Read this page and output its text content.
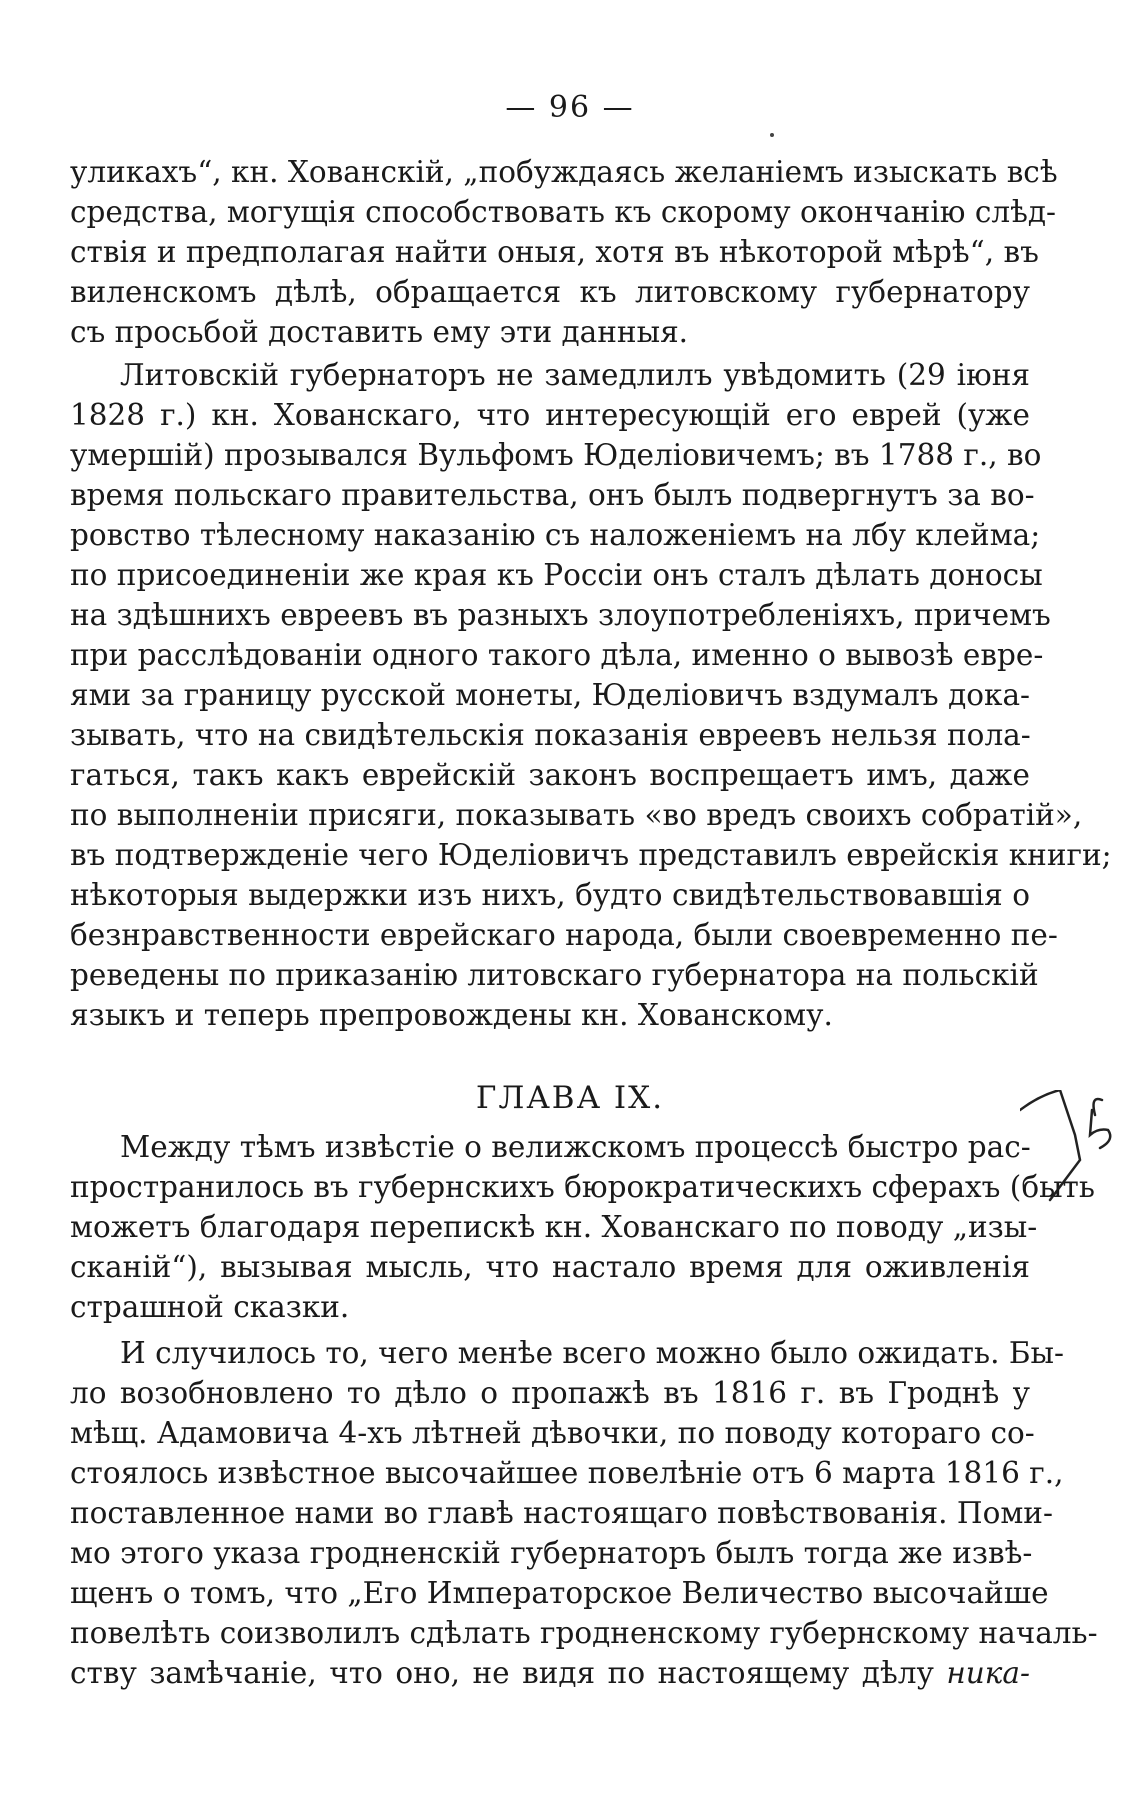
— 96 —
уликахъ“, кн. Хованскій, „побуждаясь желаніемъ изыскать всѣ
средства, могущія способствовать къ скорому окончанію слѣд-
ствія и предполагая найти оныя, хотя въ нѣкоторой мѣрѣ“, въ
виленскомъ дѣлѣ, обращается къ литовскому губернатору
съ просьбой доставить ему эти данныя.
Литовскій губернаторъ не замедлилъ увѣдомить (29 іюня
1828 г.) кн. Хованскаго, что интересующій его еврей (уже
умершій) прозывался Вульфомъ Юделіовичемъ; въ 1788 г., во
время польскаго правительства, онъ былъ подвергнутъ за во-
ровство тѣлесному наказанію съ наложеніемъ на лбу клейма;
по присоединеніи же края къ Россіи онъ сталъ дѣлать доносы
на здѣшнихъ евреевъ въ разныхъ злоупотребленіяхъ, причемъ
при расслѣдованіи одного такого дѣла, именно о вывозѣ евре-
ями за границу русской монеты, Юделіовичъ вздумалъ дока-
зывать, что на свидѣтельскія показанія евреевъ нельзя пола-
гаться, такъ какъ еврейскій законъ воспрещаетъ имъ, даже
по выполненіи присяги, показывать «во вредъ своихъ собратій»,
въ подтвержденіе чего Юделіовичъ представилъ еврейскія книги;
нѣкоторыя выдержки изъ нихъ, будто свидѣтельствовавшія о
безнравственности еврейскаго народа, были своевременно пе-
реведены по приказанію литовскаго губернатора на польскій
языкъ и теперь препровождены кн. Хованскому.
ГЛАВА IX.
Между тѣмъ извѣстіе о велижскомъ процессѣ быстро рас-
пространилось въ губернскихъ бюрократическихъ сферахъ (быть
можетъ благодаря перепискѣ кн. Хованскаго по поводу „изы-
сканій“), вызывая мысль, что настало время для оживленія
страшной сказки.
И случилось то, чего менѣе всего можно было ожидать. Бы-
ло возобновлено то дѣло о пропажѣ въ 1816 г. въ Гроднѣ у
мѣщ. Адамовича 4-хъ лѣтней дѣвочки, по поводу котораго со-
стоялось извѣстное высочайшее повелѣніе отъ 6 марта 1816 г.,
поставленное нами во главѣ настоящаго повѣствованія. Поми-
мо этого указа гродненскій губернаторъ былъ тогда же извѣ-
щенъ о томъ, что „Его Императорское Величество высочайше
повелѣть соизволилъ сдѣлать гродненскому губернскому началь-
ству замѣчаніе, что оно, не видя по настоящему дѣлу ника-
